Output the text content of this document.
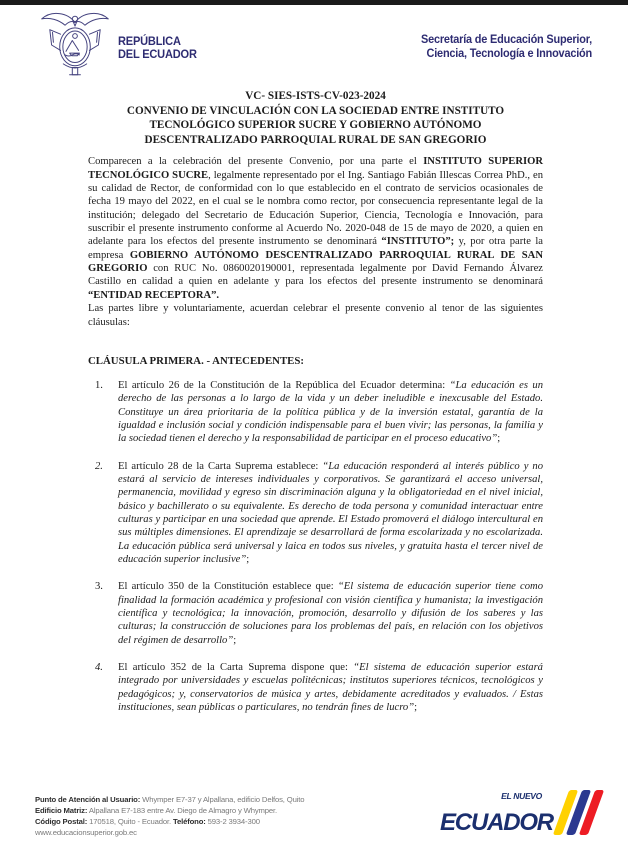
REPÚBLICA
DEL ECUADOR
Secretaría de Educación Superior,
Ciencia, Tecnología e Innovación
VC- SIES-ISTS-CV-023-2024
CONVENIO DE VINCULACIÓN CON LA SOCIEDAD ENTRE INSTITUTO TECNOLÓGICO SUPERIOR SUCRE Y GOBIERNO AUTÓNOMO DESCENTRALIZADO PARROQUIAL RURAL DE SAN GREGORIO

Comparecen a la celebración del presente Convenio, por una parte el INSTITUTO SUPERIOR TECNOLÓGICO SUCRE, legalmente representado por el Ing. Santiago Fabián Illescas Correa PhD., en su calidad de Rector, de conformidad con lo que establecido en el contrato de servicios ocasionales de fecha 19 mayo del 2022, en el cual se le nombra como rector, por consecuencia representante legal de la institución; delegado del Secretario de Educación Superior, Ciencia, Tecnología e Innovación, para suscribir el presente instrumento conforme al Acuerdo No. 2020-048 de 15 de mayo de 2020, a quien en adelante para los efectos del presente instrumento se denominará “INSTITUTO”; y, por otra parte la empresa GOBIERNO AUTÓNOMO DESCENTRALIZADO PARROQUIAL RURAL DE SAN GREGORIO con RUC No. 0860020190001, representada legalmente por David Fernando Álvarez Castillo en calidad a quien en adelante y para los efectos del presente instrumento se denominará “ENTIDAD RECEPTORA”.

Las partes libre y voluntariamente, acuerdan celebrar el presente convenio al tenor de las siguientes cláusulas:

CLÁUSULA PRIMERA. - ANTECEDENTES:
1. El artículo 26 de la Constitución de la República del Ecuador determina: “La educación es un derecho de las personas a lo largo de la vida y un deber ineludible e inexcusable del Estado. Constituye un área prioritaria de la política pública y de la inversión estatal, garantía de la igualdad e inclusión social y condición indispensable para el buen vivir; las personas, la familia y la sociedad tienen el derecho y la responsabilidad de participar en el proceso educativo”;
2. El artículo 28 de la Carta Suprema establece: “La educación responderá al interés público y no estará al servicio de intereses individuales y corporativos. Se garantizará el acceso universal, permanencia, movilidad y egreso sin discriminación alguna y la obligatoriedad en el nivel inicial, básico y bachillerato o su equivalente. Es derecho de toda persona y comunidad interactuar entre culturas y participar en una sociedad que aprende. El Estado promoverá el diálogo intercultural en sus múltiples dimensiones. El aprendizaje se desarrollará de forma escolarizada y no escolarizada. La educación pública será universal y laica en todos sus niveles, y gratuita hasta el tercer nivel de educación superior inclusive”;
3. El artículo 350 de la Constitución establece que: “El sistema de educación superior tiene como finalidad la formación académica y profesional con visión científica y humanista; la investigación científica y tecnológica; la innovación, promoción, desarrollo y difusión de los saberes y las culturas; la construcción de soluciones para los problemas del país, en relación con los objetivos del régimen de desarrollo”;
4. El artículo 352 de la Carta Suprema dispone que: “El sistema de educación superior estará integrado por universidades y escuelas politécnicas; institutos superiores técnicos, tecnológicos y pedagógicos; y, conservatorios de música y artes, debidamente acreditados y evaluados. / Estas instituciones, sean públicas o particulares, no tendrán fines de lucro”;
Punto de Atención al Usuario: Whymper E7-37 y Alpallana, edificio Delfos, Quito
Edificio Matriz: Alpallana E7-183 entre Av. Diego de Almagro y Whymper.
Código Postal: 170518, Quito - Ecuador. Teléfono: 593-2 3934-300
www.educacionsuperior.gob.ec
EL NUEVO
ECUADOR
